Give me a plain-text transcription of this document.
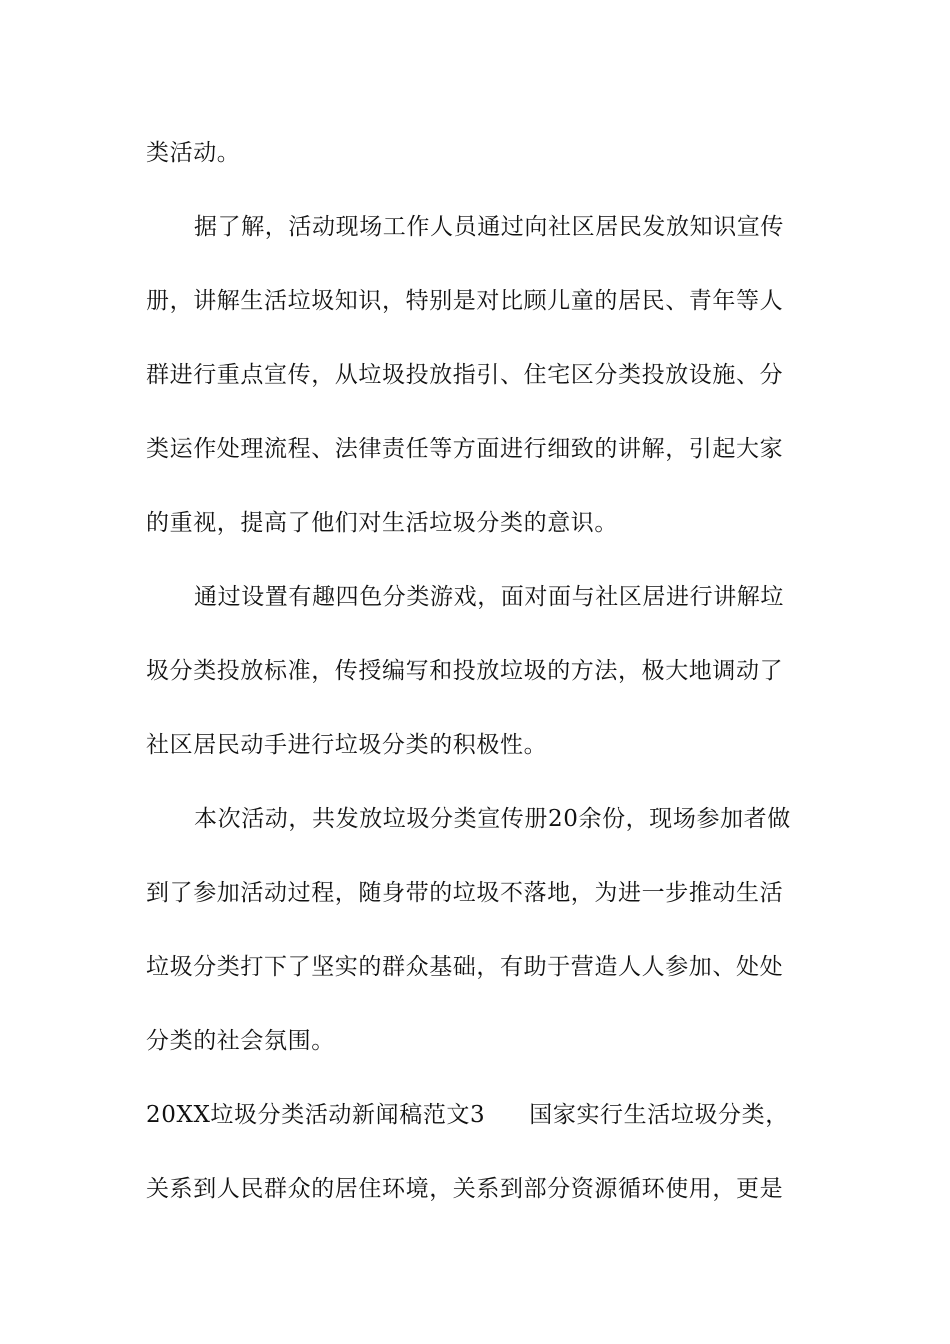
类活动。
据了解，活动现场工作人员通过向社区居民发放知识宣传
册，讲解生活垃圾知识，特别是对比顾儿童的居民、青年等人
群进行重点宣传，从垃圾投放指引、住宅区分类投放设施、分
类运作处理流程、法律责任等方面进行细致的讲解，引起大家
的重视，提高了他们对生活垃圾分类的意识。
通过设置有趣四色分类游戏，面对面与社区居进行讲解垃
圾分类投放标准，传授编写和投放垃圾的方法，极大地调动了
社区居民动手进行垃圾分类的积极性。
本次活动，共发放垃圾分类宣传册20余份，现场参加者做
到了参加活动过程，随身带的垃圾不落地，为进一步推动生活
垃圾分类打下了坚实的群众基础，有助于营造人人参加、处处
分类的社会氛围。
20XX垃圾分类活动新闻稿范文3 国家实行生活垃圾分类，
关系到人民群众的居住环境，关系到部分资源循环使用，更是
